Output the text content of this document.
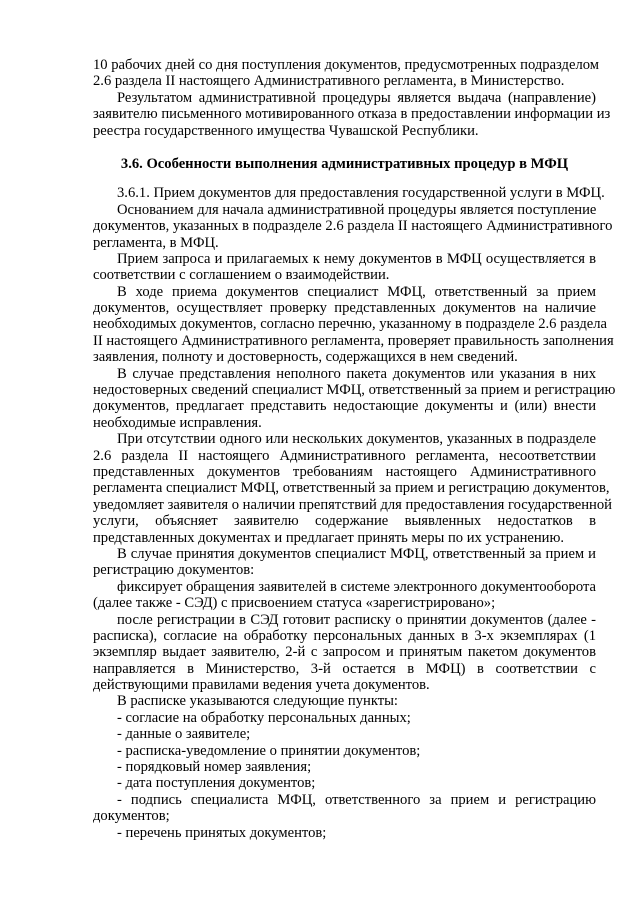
10 рабочих дней со дня поступления документов, предусмотренных подразделом
2.6 раздела II настоящего Административного регламента, в Министерство.
Результатом административной процедуры является выдача (направление)
заявителю письменного мотивированного отказа в предоставлении информации из
реестра государственного имущества Чувашской Республики.
3.6. Особенности выполнения административных процедур в МФЦ
3.6.1. Прием документов для предоставления государственной услуги в МФЦ.
Основанием для начала административной процедуры является поступление
документов, указанных в подразделе 2.6 раздела II настоящего Административного
регламента, в МФЦ.
Прием запроса и прилагаемых к нему документов в МФЦ осуществляется в
соответствии с соглашением о взаимодействии.
В ходе приема документов специалист МФЦ, ответственный за прием
документов, осуществляет проверку представленных документов на наличие
необходимых документов, согласно перечню, указанному в подразделе 2.6 раздела
II настоящего Административного регламента, проверяет правильность заполнения
заявления, полноту и достоверность, содержащихся в нем сведений.
В случае представления неполного пакета документов или указания в них
недостоверных сведений специалист МФЦ, ответственный за прием и регистрацию
документов, предлагает представить недостающие документы и (или) внести
необходимые исправления.
При отсутствии одного или нескольких документов, указанных в подразделе
2.6 раздела II настоящего Административного регламента, несоответствии
представленных документов требованиям настоящего Административного
регламента специалист МФЦ, ответственный за прием и регистрацию документов,
уведомляет заявителя о наличии препятствий для предоставления государственной
услуги, объясняет заявителю содержание выявленных недостатков в
представленных документах и предлагает принять меры по их устранению.
В случае принятия документов специалист МФЦ, ответственный за прием и
регистрацию документов:
фиксирует обращения заявителей в системе электронного документооборота
(далее также - СЭД) с присвоением статуса «зарегистрировано»;
после регистрации в СЭД готовит расписку о принятии документов (далее -
расписка), согласие на обработку персональных данных в 3-х экземплярах (1
экземпляр выдает заявителю, 2-й с запросом и принятым пакетом документов
направляется в Министерство, 3-й остается в МФЦ) в соответствии с
действующими правилами ведения учета документов.
В расписке указываются следующие пункты:
- согласие на обработку персональных данных;
- данные о заявителе;
- расписка-уведомление о принятии документов;
- порядковый номер заявления;
- дата поступления документов;
- подпись специалиста МФЦ, ответственного за прием и регистрацию
документов;
- перечень принятых документов;
